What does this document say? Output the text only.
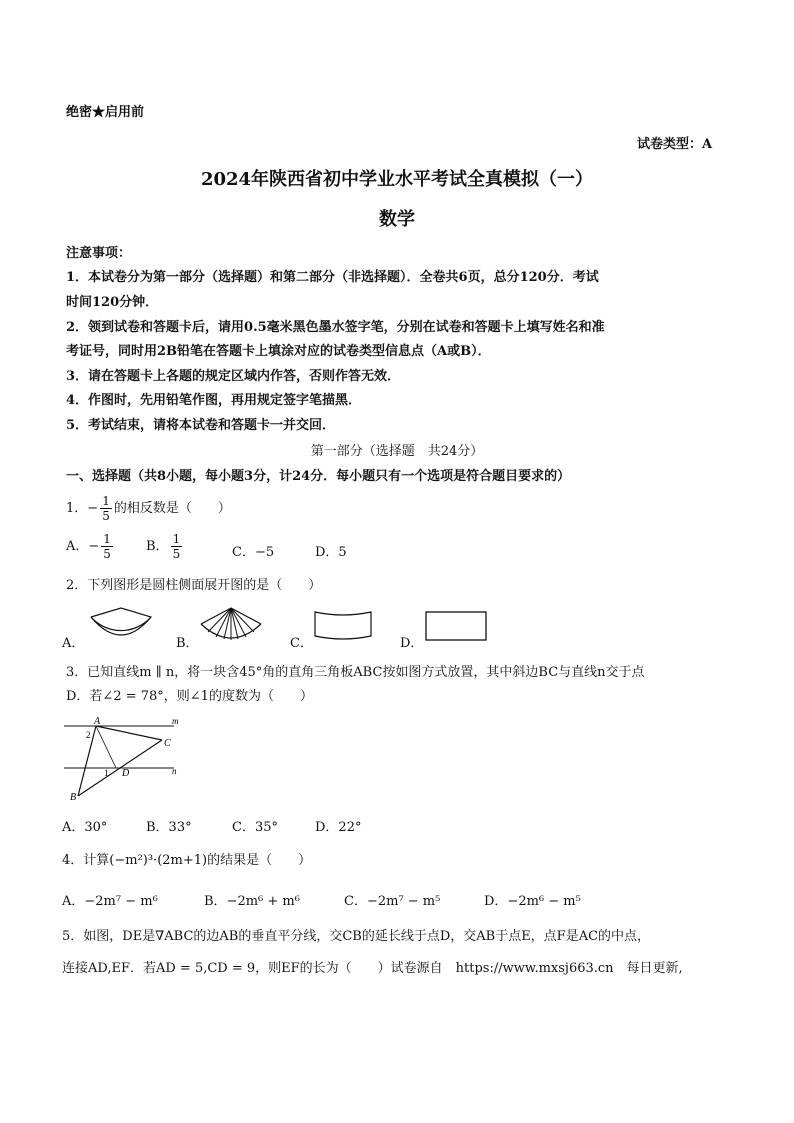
绝密★启用前
试卷类型：A
2024年陕西省初中学业水平考试全真模拟（一）
数学
注意事项：
1．本试卷分为第一部分（选择题）和第二部分（非选择题）．全卷共6页，总分120分．考试
时间120分钟．
2．领到试卷和答题卡后，请用0.5毫米黑色墨水签字笔，分别在试卷和答题卡上填写姓名和准
考证号，同时用2B铅笔在答题卡上填涂对应的试卷类型信息点（A或B）．
3．请在答题卡上各题的规定区域内作答，否则作答无效．
4．作图时，先用铅笔作图，再用规定签字笔描黑．
5．考试结束，请将本试卷和答题卡一并交回．
第一部分（选择题　共24分）
一、选择题（共8小题，每小题3分，计24分．每小题只有一个选项是符合题目要求的）
1．− $\frac{1}{5}$ 的相反数是（　　）
A．− $\frac{1}{5}$	B． $\frac{1}{5}$	C．−5	D．5
2．下列图形是圆柱侧面展开图的是（　　）
A．	B．	C．	D．
3．已知直线m ∥ n，将一块含45°角的直角三角板ABC按如图方式放置，其中斜边BC与直线n交于点
D．若∠2 = 78°，则∠1的度数为（　　）
A
C
D
B
m
n
1
2
A．30°	B．33°	C．35°	D．22°
4．计算(−m²)³·(2m+1)的结果是（　　）
A．−2m⁷ − m⁶	B．−2m⁶ + m⁶	C．−2m⁷ − m⁵	D．−2m⁶ − m⁵
5．如图，DE是∇ABC的边AB的垂直平分线，交CB的延长线于点D，交AB于点E，点F是AC的中点，
连接AD,EF．若AD = 5,CD = 9，则EF的长为（　　）试卷源自　https://www.mxsj663.cn　每日更新,
